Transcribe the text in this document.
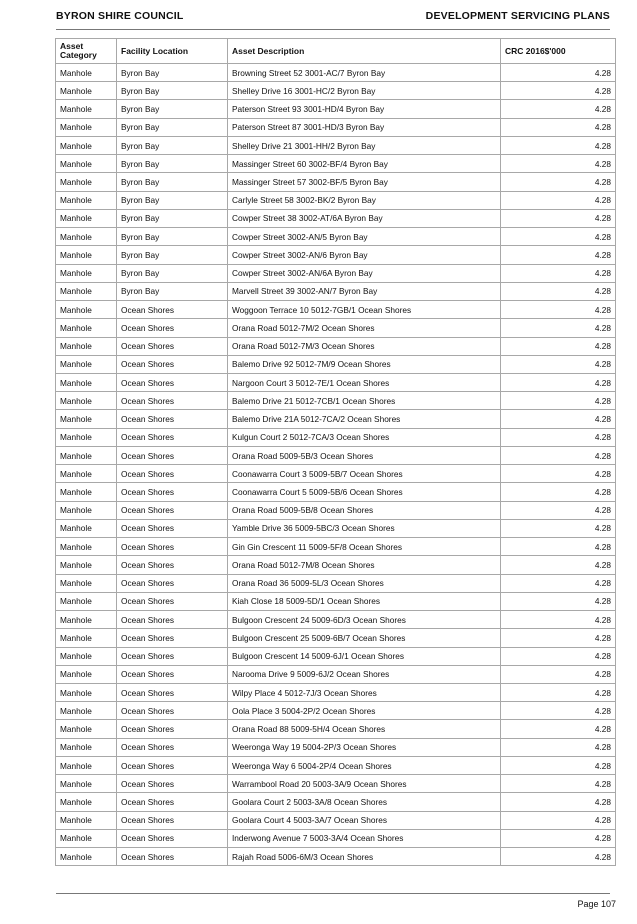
BYRON SHIRE COUNCIL	DEVELOPMENT SERVICING PLANS
Asset Category	Facility Location	Asset Description	CRC 2016$'000
Manhole	Byron Bay	Browning Street 52 3001-AC/7 Byron Bay	4.28
Manhole	Byron Bay	Shelley Drive 16 3001-HC/2 Byron Bay	4.28
Manhole	Byron Bay	Paterson Street 93 3001-HD/4 Byron Bay	4.28
Manhole	Byron Bay	Paterson Street 87 3001-HD/3 Byron Bay	4.28
Manhole	Byron Bay	Shelley Drive 21 3001-HH/2 Byron Bay	4.28
Manhole	Byron Bay	Massinger Street 60 3002-BF/4 Byron Bay	4.28
Manhole	Byron Bay	Massinger Street 57 3002-BF/5 Byron Bay	4.28
Manhole	Byron Bay	Carlyle Street 58 3002-BK/2 Byron Bay	4.28
Manhole	Byron Bay	Cowper Street 38 3002-AT/6A Byron Bay	4.28
Manhole	Byron Bay	Cowper Street 3002-AN/5 Byron Bay	4.28
Manhole	Byron Bay	Cowper Street 3002-AN/6 Byron Bay	4.28
Manhole	Byron Bay	Cowper Street 3002-AN/6A Byron Bay	4.28
Manhole	Byron Bay	Marvell Street 39 3002-AN/7 Byron Bay	4.28
Manhole	Ocean Shores	Woggoon Terrace 10 5012-7GB/1 Ocean Shores	4.28
Manhole	Ocean Shores	Orana Road 5012-7M/2 Ocean Shores	4.28
Manhole	Ocean Shores	Orana Road 5012-7M/3 Ocean Shores	4.28
Manhole	Ocean Shores	Balemo Drive 92 5012-7M/9 Ocean Shores	4.28
Manhole	Ocean Shores	Nargoon Court 3 5012-7E/1 Ocean Shores	4.28
Manhole	Ocean Shores	Balemo Drive 21 5012-7CB/1 Ocean Shores	4.28
Manhole	Ocean Shores	Balemo Drive 21A 5012-7CA/2 Ocean Shores	4.28
Manhole	Ocean Shores	Kulgun Court 2 5012-7CA/3 Ocean Shores	4.28
Manhole	Ocean Shores	Orana Road 5009-5B/3 Ocean Shores	4.28
Manhole	Ocean Shores	Coonawarra Court 3 5009-5B/7 Ocean Shores	4.28
Manhole	Ocean Shores	Coonawarra Court 5 5009-5B/6 Ocean Shores	4.28
Manhole	Ocean Shores	Orana Road 5009-5B/8 Ocean Shores	4.28
Manhole	Ocean Shores	Yamble Drive 36 5009-5BC/3 Ocean Shores	4.28
Manhole	Ocean Shores	Gin Gin Crescent 11 5009-5F/8 Ocean Shores	4.28
Manhole	Ocean Shores	Orana Road 5012-7M/8 Ocean Shores	4.28
Manhole	Ocean Shores	Orana Road 36 5009-5L/3 Ocean Shores	4.28
Manhole	Ocean Shores	Kiah Close 18 5009-5D/1 Ocean Shores	4.28
Manhole	Ocean Shores	Bulgoon Crescent 24 5009-6D/3 Ocean Shores	4.28
Manhole	Ocean Shores	Bulgoon Crescent 25 5009-6B/7 Ocean Shores	4.28
Manhole	Ocean Shores	Bulgoon Crescent 14 5009-6J/1 Ocean Shores	4.28
Manhole	Ocean Shores	Narooma Drive 9 5009-6J/2 Ocean Shores	4.28
Manhole	Ocean Shores	Wilpy Place 4 5012-7J/3 Ocean Shores	4.28
Manhole	Ocean Shores	Oola Place 3 5004-2P/2 Ocean Shores	4.28
Manhole	Ocean Shores	Orana Road 88 5009-5H/4 Ocean Shores	4.28
Manhole	Ocean Shores	Weeronga Way 19 5004-2P/3 Ocean Shores	4.28
Manhole	Ocean Shores	Weeronga Way 6 5004-2P/4 Ocean Shores	4.28
Manhole	Ocean Shores	Warrambool Road 20 5003-3A/9 Ocean Shores	4.28
Manhole	Ocean Shores	Goolara Court 2 5003-3A/8 Ocean Shores	4.28
Manhole	Ocean Shores	Goolara Court 4 5003-3A/7 Ocean Shores	4.28
Manhole	Ocean Shores	Inderwong Avenue 7 5003-3A/4 Ocean Shores	4.28
Manhole	Ocean Shores	Rajah Road 5006-6M/3 Ocean Shores	4.28
Page 107
